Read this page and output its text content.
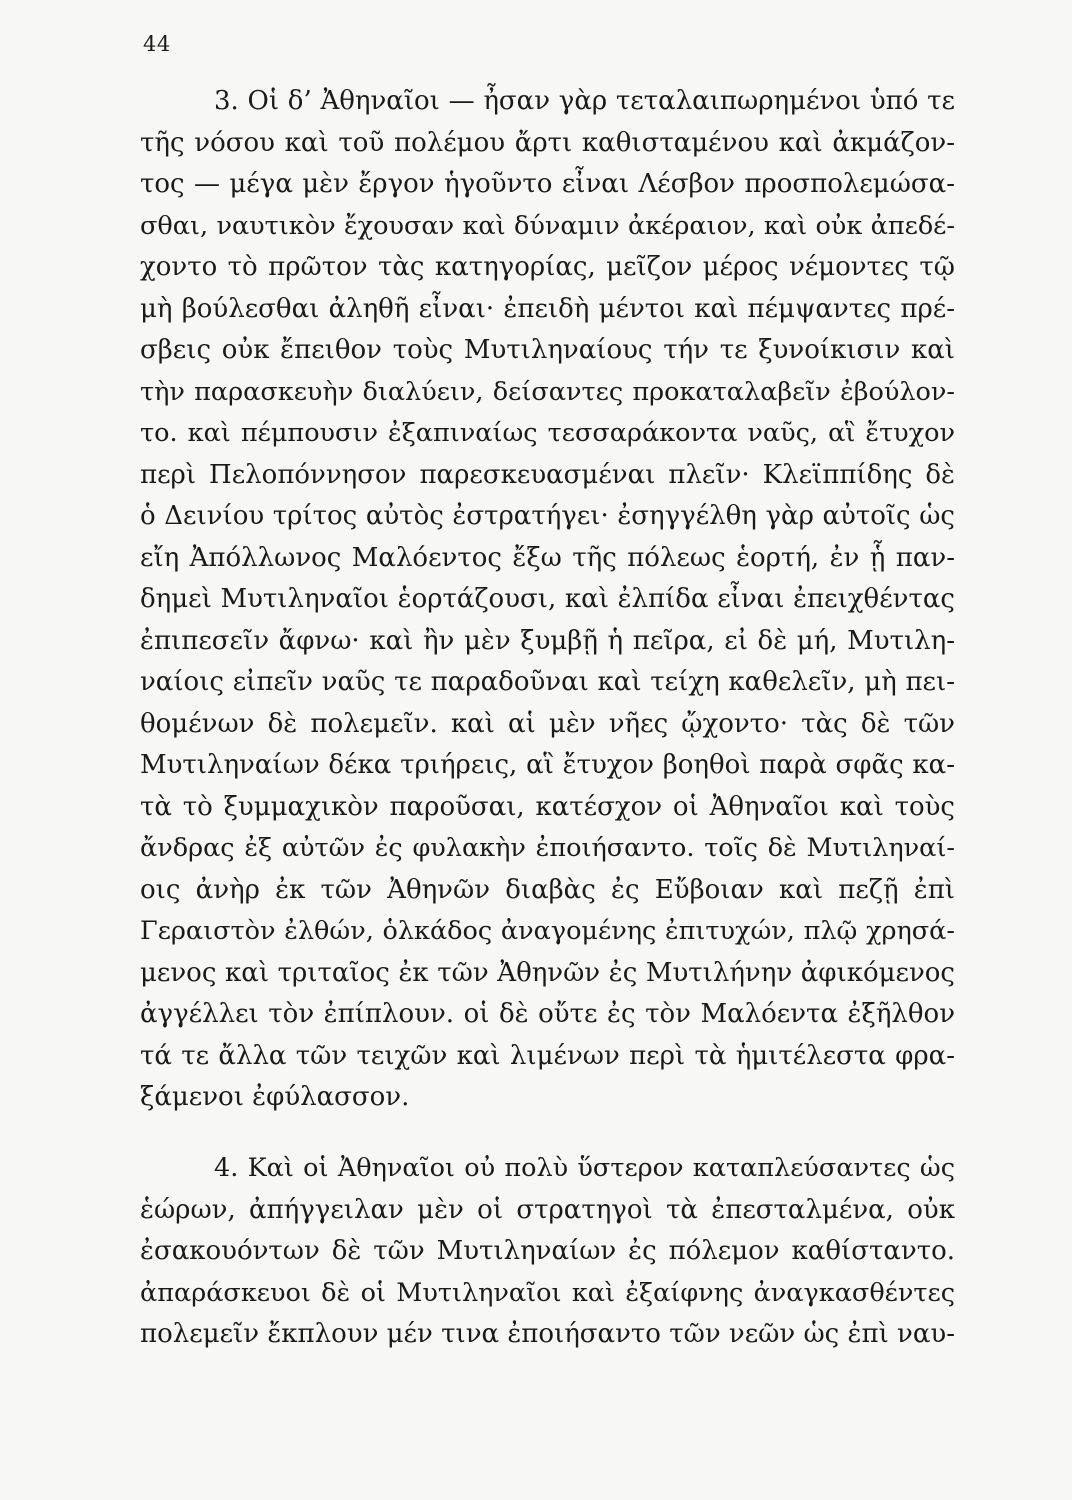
44
3. Οἱ δ’ Ἀθηναῖοι — ἦσαν γὰρ τεταλαιπωρημένοι ὑπό τε
τῆς νόσου καὶ τοῦ πολέμου ἄρτι καθισταμένου καὶ ἀκμάζον-
τος — μέγα μὲν ἔργον ἡγοῦντο εἶναι Λέσβον προσπολεμώσα-
σθαι, ναυτικὸν ἔχουσαν καὶ δύναμιν ἀκέραιον, καὶ οὐκ ἀπεδέ-
χοντο τὸ πρῶτον τὰς κατηγορίας, μεῖζον μέρος νέμοντες τῷ
μὴ βούλεσθαι ἀληθῆ εἶναι· ἐπειδὴ μέντοι καὶ πέμψαντες πρέ-
σβεις οὐκ ἔπειθον τοὺς Μυτιληναίους τήν τε ξυνοίκισιν καὶ
τὴν παρασκευὴν διαλύειν, δείσαντες προκαταλαβεῖν ἐβούλον-
το. καὶ πέμπουσιν ἐξαπιναίως τεσσαράκοντα ναῦς, αἳ ἔτυχον
περὶ Πελοπόννησον παρεσκευασμέναι πλεῖν· Κλεϊππίδης δὲ
ὁ Δεινίου τρίτος αὐτὸς ἐστρατήγει· ἐσηγγέλθη γὰρ αὐτοῖς ὡς
εἴη Ἀπόλλωνος Μαλόεντος ἔξω τῆς πόλεως ἑορτή, ἐν ᾗ παν-
δημεὶ Μυτιληναῖοι ἑορτάζουσι, καὶ ἐλπίδα εἶναι ἐπειχθέντας
ἐπιπεσεῖν ἄφνω· καὶ ἢν μὲν ξυμβῇ ἡ πεῖρα, εἰ δὲ μή, Μυτιλη-
ναίοις εἰπεῖν ναῦς τε παραδοῦναι καὶ τείχη καθελεῖν, μὴ πει-
θομένων δὲ πολεμεῖν. καὶ αἱ μὲν νῆες ᾤχοντο· τὰς δὲ τῶν
Μυτιληναίων δέκα τριήρεις, αἳ ἔτυχον βοηθοὶ παρὰ σφᾶς κα-
τὰ τὸ ξυμμαχικὸν παροῦσαι, κατέσχον οἱ Ἀθηναῖοι καὶ τοὺς
ἄνδρας ἐξ αὐτῶν ἐς φυλακὴν ἐποιήσαντο. τοῖς δὲ Μυτιληναί-
οις ἀνὴρ ἐκ τῶν Ἀθηνῶν διαβὰς ἐς Εὔβοιαν καὶ πεζῇ ἐπὶ
Γεραιστὸν ἐλθών, ὁλκάδος ἀναγομένης ἐπιτυχών, πλῷ χρησά-
μενος καὶ τριταῖος ἐκ τῶν Ἀθηνῶν ἐς Μυτιλήνην ἀφικόμενος
ἀγγέλλει τὸν ἐπίπλουν. οἱ δὲ οὔτε ἐς τὸν Μαλόεντα ἐξῆλθον
τά τε ἄλλα τῶν τειχῶν καὶ λιμένων περὶ τὰ ἡμιτέλεστα φρα-
ξάμενοι ἐφύλασσον.
4. Καὶ οἱ Ἀθηναῖοι οὐ πολὺ ὕστερον καταπλεύσαντες ὡς
ἑώρων, ἀπήγγειλαν μὲν οἱ στρατηγοὶ τὰ ἐπεσταλμένα, οὐκ
ἐσακουόντων δὲ τῶν Μυτιληναίων ἐς πόλεμον καθίσταντο.
ἀπαράσκευοι δὲ οἱ Μυτιληναῖοι καὶ ἐξαίφνης ἀναγκασθέντες
πολεμεῖν ἔκπλουν μέν τινα ἐποιήσαντο τῶν νεῶν ὡς ἐπὶ ναυ-
